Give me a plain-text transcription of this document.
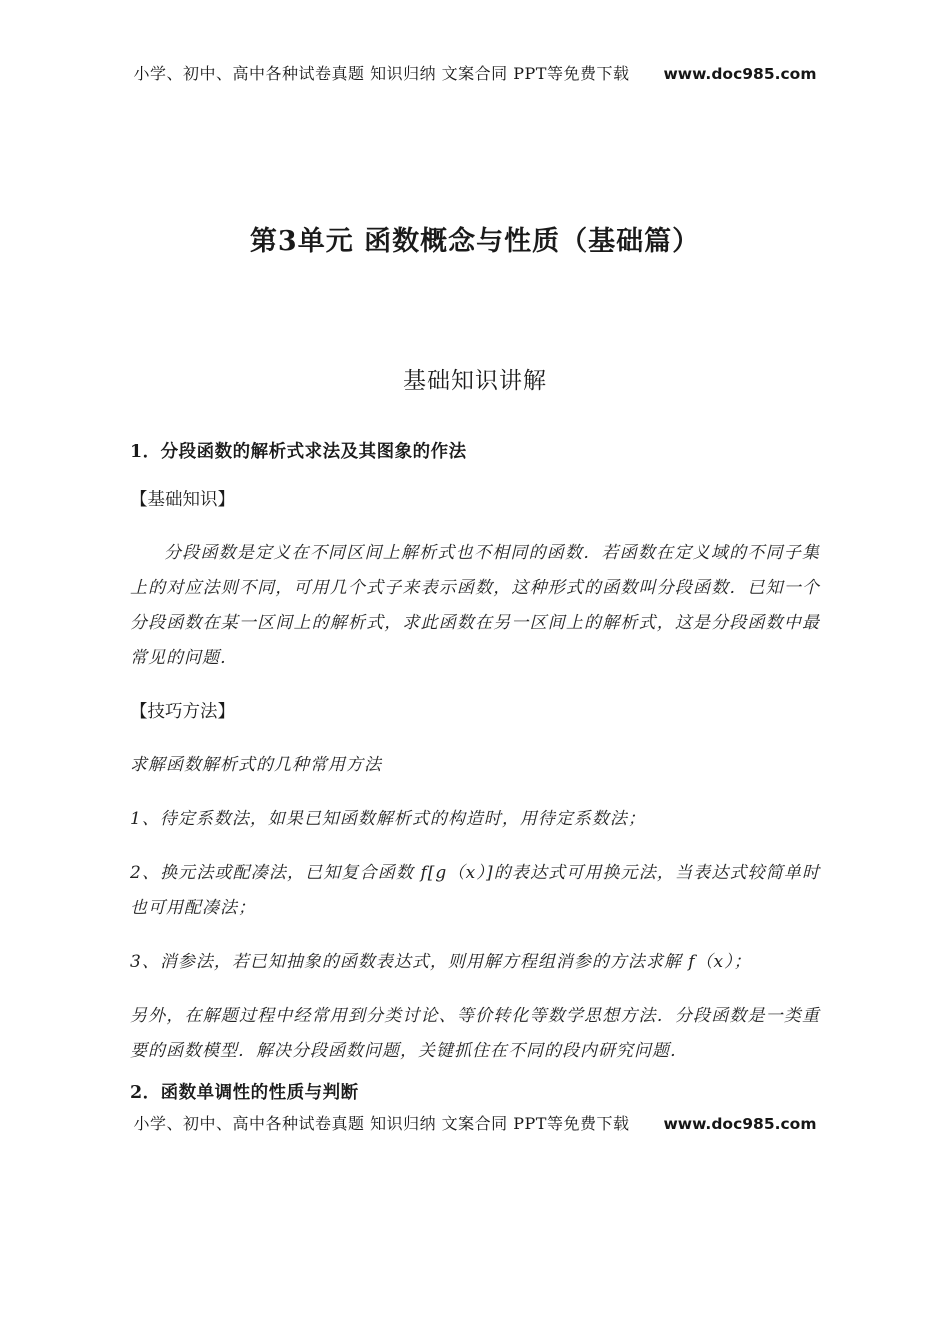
小学、初中、高中各种试卷真题 知识归纳 文案合同 PPT等免费下载 www.doc985.com
第3单元 函数概念与性质（基础篇）
基础知识讲解
1．分段函数的解析式求法及其图象的作法
【基础知识】

分段函数是定义在不同区间上解析式也不相同的函数．若函数在定义域的不同子集上的对应法则不同，可用几个式子来表示函数，这种形式的函数叫分段函数．已知一个分段函数在某一区间上的解析式，求此函数在另一区间上的解析式，这是分段函数中最常见的问题．

【技巧方法】

求解函数解析式的几种常用方法

1、待定系数法，如果已知函数解析式的构造时，用待定系数法；

2、换元法或配凑法，已知复合函数 f[g（x）]的表达式可用换元法，当表达式较简单时也可用配凑法；

3、消参法，若已知抽象的函数表达式，则用解方程组消参的方法求解 f（x）；

另外，在解题过程中经常用到分类讨论、等价转化等数学思想方法．分段函数是一类重要的函数模型．解决分段函数问题，关键抓住在不同的段内研究问题．

2．函数单调性的性质与判断
小学、初中、高中各种试卷真题 知识归纳 文案合同 PPT等免费下载 www.doc985.com
